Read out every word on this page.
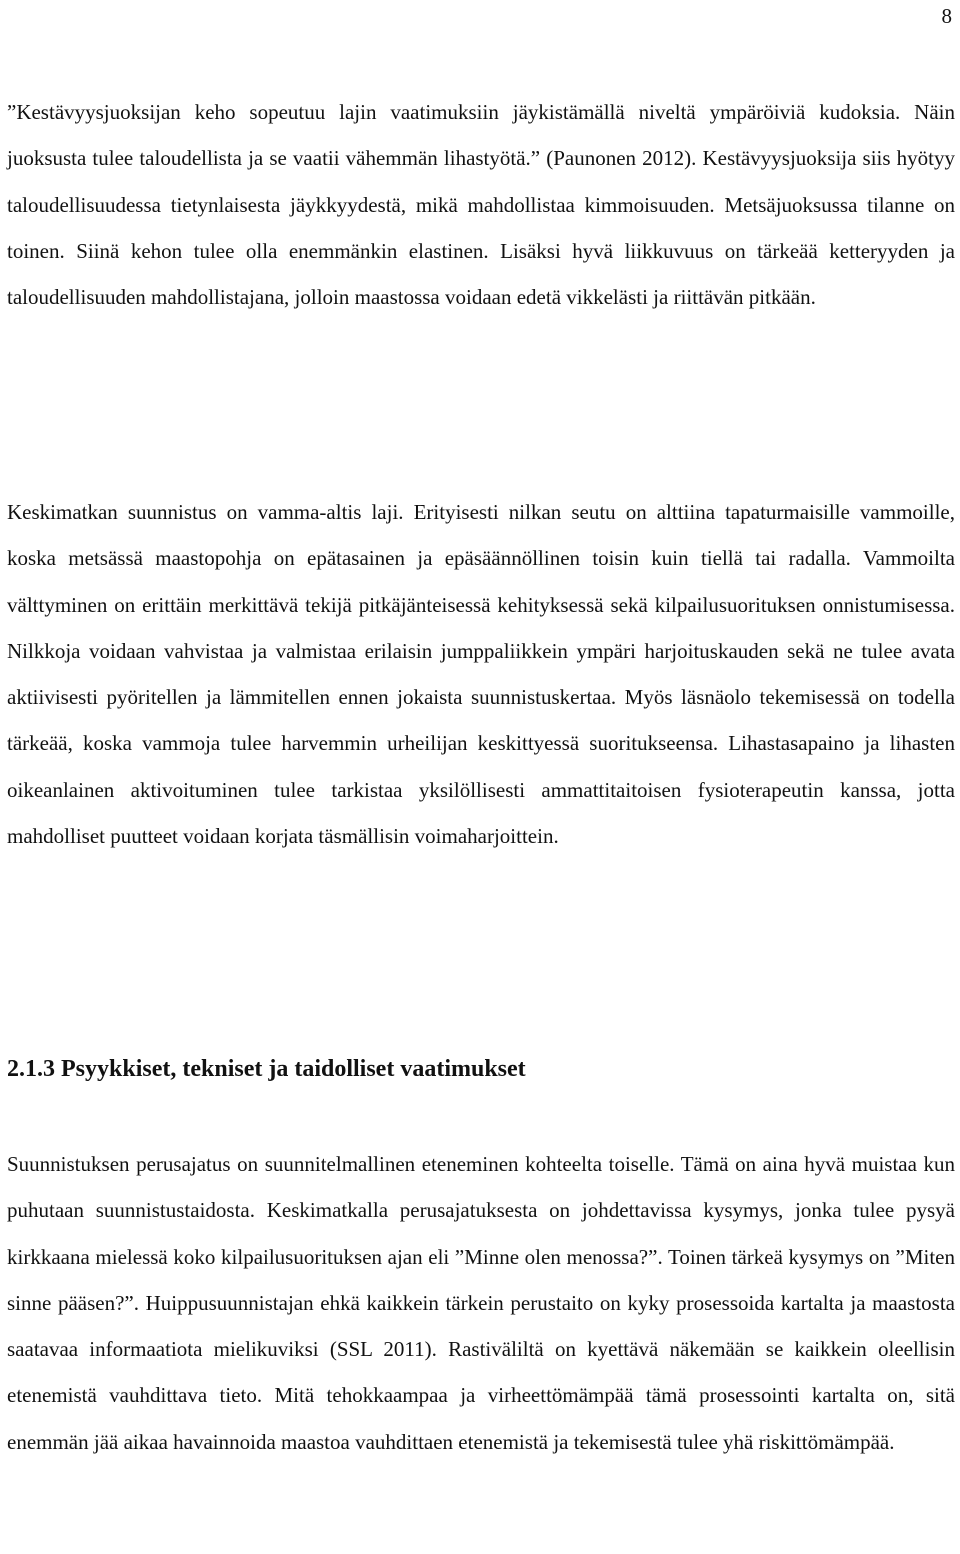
8

”Kestävyysjuoksijan keho sopeutuu lajin vaatimuksiin jäykistämällä niveltä ympäröiviä kudoksia. Näin juoksusta tulee taloudellista ja se vaatii vähemmän lihastyötä.” (Paunonen 2012). Kestävyysjuoksija siis hyötyy taloudellisuudessa tietynlaisesta jäykkyydestä, mikä mahdollistaa kimmoisuuden. Metsäjuoksussa tilanne on toinen. Siinä kehon tulee olla enemmänkin elastinen. Lisäksi hyvä liikkuvuus on tärkeää ketteryyden ja taloudellisuuden mahdollistajana, jolloin maastossa voidaan edetä vikkelästi ja riittävän pitkään.

Keskimatkan suunnistus on vamma-altis laji. Erityisesti nilkan seutu on alttiina tapaturmaisille vammoille, koska metsässä maastopohja on epätasainen ja epäsäännöllinen toisin kuin tiellä tai radalla. Vammoilta välttyminen on erittäin merkittävä tekijä pitkäjänteisessä kehityksessä sekä kilpailusuorituksen onnistumisessa. Nilkkoja voidaan vahvistaa ja valmistaa erilaisin jumppaliikkein ympäri harjoituskauden sekä ne tulee avata aktiivisesti pyöritellen ja lämmitellen ennen jokaista suunnistuskertaa. Myös läsnäolo tekemisessä on todella tärkeää, koska vammoja tulee harvemmin urheilijan keskittyessä suoritukseensa. Lihastasapaino ja lihasten oikeanlainen aktivoituminen tulee tarkistaa yksilöllisesti ammattitaitoisen fysioterapeutin kanssa, jotta mahdolliset puutteet voidaan korjata täsmällisin voimaharjoittein.

2.1.3 Psyykkiset, tekniset ja taidolliset vaatimukset

Suunnistuksen perusajatus on suunnitelmallinen eteneminen kohteelta toiselle. Tämä on aina hyvä muistaa kun puhutaan suunnistustaidosta. Keskimatkalla perusajatuksesta on johdettavissa kysymys, jonka tulee pysyä kirkkaana mielessä koko kilpailusuorituksen ajan eli ”Minne olen menossa?”. Toinen tärkeä kysymys on ”Miten sinne pääsen?”. Huippusuunnistajan ehkä kaikkein tärkein perustaito on kyky prosessoida kartalta ja maastosta saatavaa informaatiota mielikuviksi (SSL 2011). Rastiväliltä on kyettävä näkemään se kaikkein oleellisin etenemistä vauhdittava tieto. Mitä tehokkaampaa ja virheettömämpää tämä prosessointi kartalta on, sitä enemmän jää aikaa havainnoida maastoa vauhdittaen etenemistä ja tekemisestä tulee yhä riskittömämpää.
